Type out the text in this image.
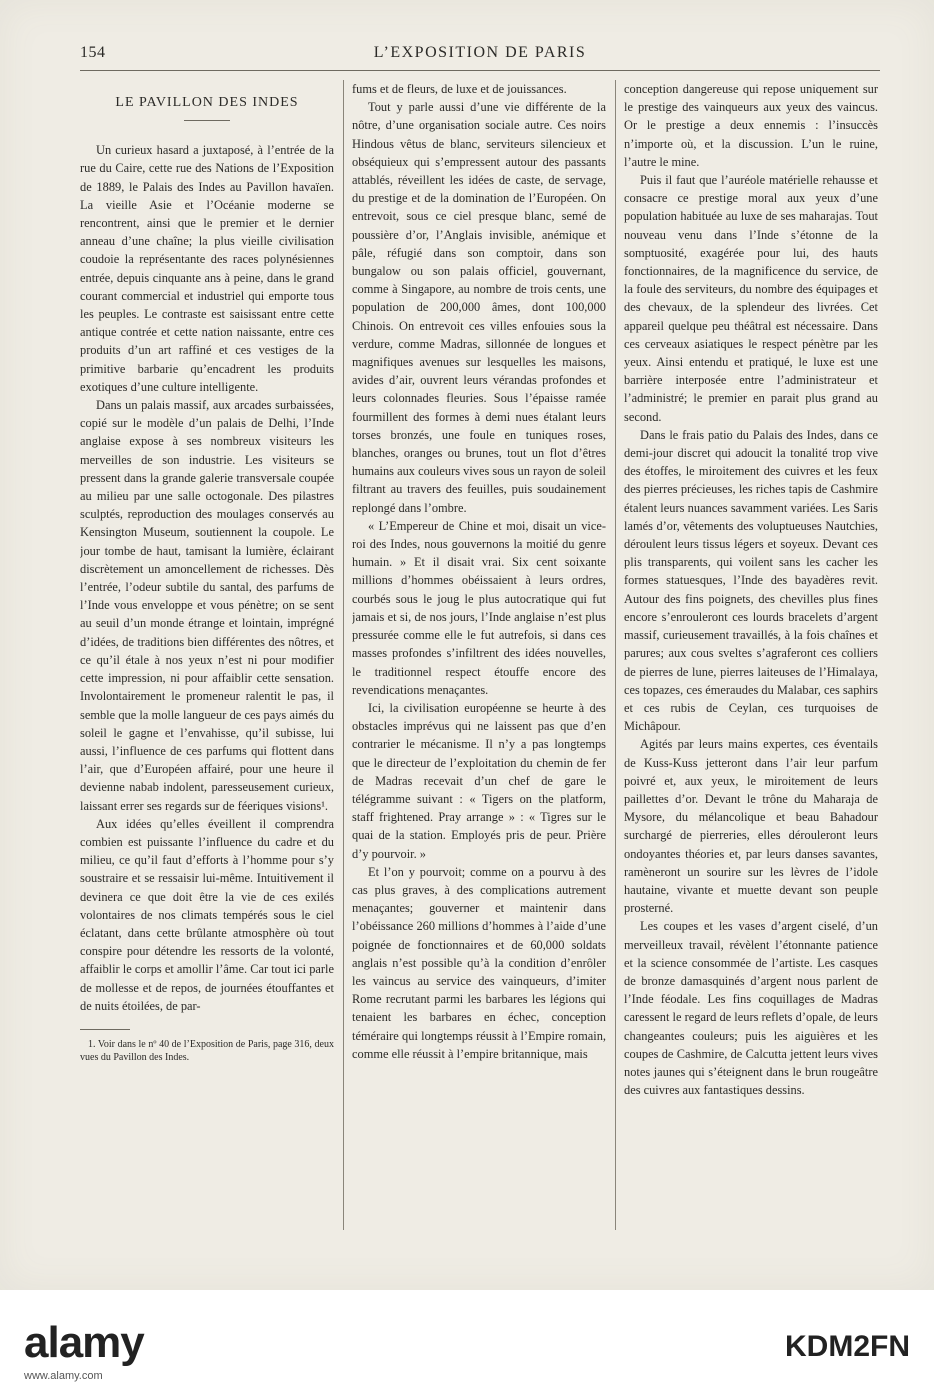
154	L’EXPOSITION DE PARIS
LE PAVILLON DES INDES

Un curieux hasard a juxtaposé, à l’entrée de la rue du Caire, cette rue des Nations de l’Exposition de 1889, le Palais des Indes au Pavillon havaïen. La vieille Asie et l’Océanie moderne se rencontrent, ainsi que le premier et le dernier anneau d’une chaîne; la plus vieille civilisation coudoie la représentante des races polynésiennes entrée, depuis cinquante ans à peine, dans le grand courant commercial et industriel qui emporte tous les peuples. Le contraste est saisissant entre cette antique contrée et cette nation naissante, entre ces produits d’un art raffiné et ces vestiges de la primitive barbarie qu’encadrent les produits exotiques d’une culture intelligente.

Dans un palais massif, aux arcades surbaissées, copié sur le modèle d’un palais de Delhi, l’Inde anglaise expose à ses nombreux visiteurs les merveilles de son industrie. Les visiteurs se pressent dans la grande galerie transversale coupée au milieu par une salle octogonale. Des pilastres sculptés, reproduction des moulages conservés au Kensington Museum, soutiennent la coupole. Le jour tombe de haut, tamisant la lumière, éclairant discrètement un amoncellement de richesses. Dès l’entrée, l’odeur subtile du santal, des parfums de l’Inde vous enveloppe et vous pénètre; on se sent au seuil d’un monde étrange et lointain, imprégné d’idées, de traditions bien différentes des nôtres, et ce qu’il étale à nos yeux n’est ni pour modifier cette impression, ni pour affaiblir cette sensation. Involontairement le promeneur ralentit le pas, il semble que la molle langueur de ces pays aimés du soleil le gagne et l’envahisse, qu’il subisse, lui aussi, l’influence de ces parfums qui flottent dans l’air, que d’Européen affairé, pour une heure il devienne nabab indolent, paresseusement curieux, laissant errer ses regards sur de féeriques visions¹.

Aux idées qu’elles éveillent il comprendra combien est puissante l’influence du cadre et du milieu, ce qu’il faut d’efforts à l’homme pour s’y soustraire et se ressaisir lui-même. Intuitivement il devinera ce que doit être la vie de ces exilés volontaires de nos climats tempérés sous le ciel éclatant, dans cette brûlante atmosphère où tout conspire pour détendre les ressorts de la volonté, affaiblir le corps et amollir l’âme. Car tout ici parle de mollesse et de repos, de journées étouffantes et de nuits étoilées, de par-

1. Voir dans le nº 40 de l’Exposition de Paris, page 316, deux vues du Pavillon des Indes.

fums et de fleurs, de luxe et de jouissances.

Tout y parle aussi d’une vie différente de la nôtre, d’une organisation sociale autre. Ces noirs Hindous vêtus de blanc, serviteurs silencieux et obséquieux qui s’empressent autour des passants attablés, réveillent les idées de caste, de servage, du prestige et de la domination de l’Européen. On entrevoit, sous ce ciel presque blanc, semé de poussière d’or, l’Anglais invisible, anémique et pâle, réfugié dans son comptoir, dans son bungalow ou son palais officiel, gouvernant, comme à Singapore, au nombre de trois cents, une population de 200,000 âmes, dont 100,000 Chinois. On entrevoit ces villes enfouies sous la verdure, comme Madras, sillonnée de longues et magnifiques avenues sur lesquelles les maisons, avides d’air, ouvrent leurs vérandas profondes et leurs colonnades fleuries. Sous l’épaisse ramée fourmillent des formes à demi nues étalant leurs torses bronzés, une foule en tuniques roses, blanches, oranges ou brunes, tout un flot d’êtres humains aux couleurs vives sous un rayon de soleil filtrant au travers des feuilles, puis soudainement replongé dans l’ombre.

« L’Empereur de Chine et moi, disait un vice-roi des Indes, nous gouvernons la moitié du genre humain. » Et il disait vrai. Six cent soixante millions d’hommes obéissaient à leurs ordres, courbés sous le joug le plus autocratique qui fut jamais et si, de nos jours, l’Inde anglaise n’est plus pressurée comme elle le fut autrefois, si dans ces masses profondes s’infiltrent des idées nouvelles, le traditionnel respect étouffe encore des revendications menaçantes.

Ici, la civilisation européenne se heurte à des obstacles imprévus qui ne laissent pas que d’en contrarier le mécanisme. Il n’y a pas longtemps que le directeur de l’exploitation du chemin de fer de Madras recevait d’un chef de gare le télégramme suivant : « Tigers on the platform, staff frightened. Pray arrange » : « Tigres sur le quai de la station. Employés pris de peur. Prière d’y pourvoir. »

Et l’on y pourvoit; comme on a pourvu à des cas plus graves, à des complications autrement menaçantes; gouverner et maintenir dans l’obéissance 260 millions d’hommes à l’aide d’une poignée de fonctionnaires et de 60,000 soldats anglais n’est possible qu’à la condition d’enrôler les vaincus au service des vainqueurs, d’imiter Rome recrutant parmi les barbares les légions qui tenaient les barbares en échec, conception téméraire qui longtemps réussit à l’Empire romain, comme elle réussit à l’empire britannique, mais

conception dangereuse qui repose uniquement sur le prestige des vainqueurs aux yeux des vaincus. Or le prestige a deux ennemis : l’insuccès n’importe où, et la discussion. L’un le ruine, l’autre le mine.

Puis il faut que l’auréole matérielle rehausse et consacre ce prestige moral aux yeux d’une population habituée au luxe de ses maharajas. Tout nouveau venu dans l’Inde s’étonne de la somptuosité, exagérée pour lui, des hauts fonctionnaires, de la magnificence du service, de la foule des serviteurs, du nombre des équipages et des chevaux, de la splendeur des livrées. Cet appareil quelque peu théâtral est nécessaire. Dans ces cerveaux asiatiques le respect pénètre par les yeux. Ainsi entendu et pratiqué, le luxe est une barrière interposée entre l’administrateur et l’administré; le premier en parait plus grand au second.

Dans le frais patio du Palais des Indes, dans ce demi-jour discret qui adoucit la tonalité trop vive des étoffes, le miroitement des cuivres et les feux des pierres précieuses, les riches tapis de Cashmire étalent leurs nuances savamment variées. Les Saris lamés d’or, vêtements des voluptueuses Nautchies, déroulent leurs tissus légers et soyeux. Devant ces plis transparents, qui voilent sans les cacher les formes statuesques, l’Inde des bayadères revit. Autour des fins poignets, des chevilles plus fines encore s’enrouleront ces lourds bracelets d’argent massif, curieusement travaillés, à la fois chaînes et parures; aux cous sveltes s’agraferont ces colliers de pierres de lune, pierres laiteuses de l’Himalaya, ces topazes, ces émeraudes du Malabar, ces saphirs et ces rubis de Ceylan, ces turquoises de Michâpour.

Agités par leurs mains expertes, ces éventails de Kuss-Kuss jetteront dans l’air leur parfum poivré et, aux yeux, le miroitement de leurs paillettes d’or. Devant le trône du Maharaja de Mysore, du mélancolique et beau Bahadour surchargé de pierreries, elles dérouleront leurs ondoyantes théories et, par leurs danses savantes, ramèneront un sourire sur les lèvres de l’idole hautaine, vivante et muette devant son peuple prosterné.

Les coupes et les vases d’argent ciselé, d’un merveilleux travail, révèlent l’étonnante patience et la science consommée de l’artiste. Les casques de bronze damasquinés d’argent nous parlent de l’Inde féodale. Les fins coquillages de Madras caressent le regard de leurs reflets d’opale, de leurs changeantes couleurs; puis les aiguières et les coupes de Cashmire, de Calcutta jettent leurs vives notes jaunes qui s’éteignent dans le brun rougeâtre des cuivres aux fantastiques dessins.

alamy	KDM2FN
www.alamy.com
